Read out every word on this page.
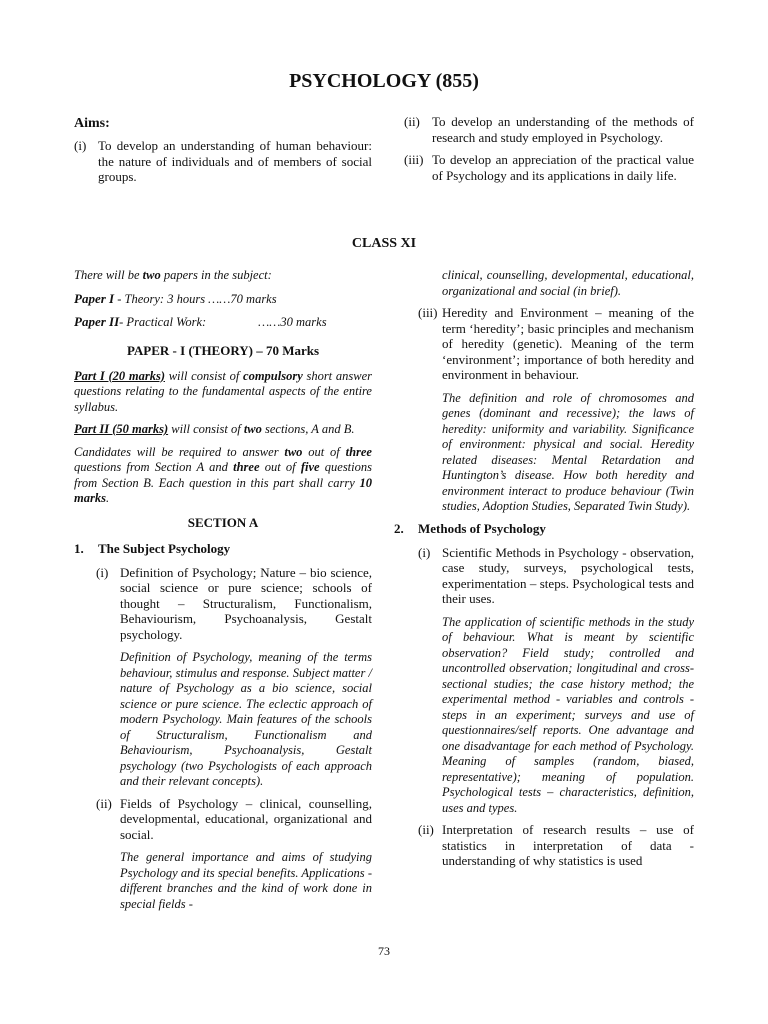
PSYCHOLOGY (855)
Aims:
(i) To develop an understanding of human behaviour: the nature of individuals and of members of social groups.
(ii) To develop an understanding of the methods of research and study employed in Psychology.
(iii) To develop an appreciation of the practical value of Psychology and its applications in daily life.
CLASS XI

There will be two papers in the subject:

Paper I - Theory: 3 hours ……70 marks

Paper II- Practical Work:	……30 marks

PAPER - I (THEORY) – 70 Marks

Part I (20 marks) will consist of compulsory short answer questions relating to the fundamental aspects of the entire syllabus.

Part II (50 marks) will consist of two sections, A and B.

Candidates will be required to answer two out of three questions from Section A and three out of five questions from Section B. Each question in this part shall carry 10 marks.

SECTION A
1.	The Subject Psychology
(i) Definition of Psychology; Nature – bio science, social science or pure science; schools of thought – Structuralism, Functionalism, Behaviourism, Psychoanalysis, Gestalt psychology.

Definition of Psychology, meaning of the terms behaviour, stimulus and response. Subject matter / nature of Psychology as a bio science, social science or pure science. The eclectic approach of modern Psychology. Main features of the schools of Structuralism, Functionalism and Behaviourism, Psychoanalysis, Gestalt psychology (two Psychologists of each approach and their relevant concepts).

(ii) Fields of Psychology – clinical, counselling, developmental, educational, organizational and social.

The general importance and aims of studying Psychology and its special benefits. Applications - different branches and the kind of work done in special fields -

clinical, counselling, developmental, educational, organizational and social (in brief).

(iii) Heredity and Environment – meaning of the term ‘heredity’; basic principles and mechanism of heredity (genetic). Meaning of the term ‘environment’; importance of both heredity and environment in behaviour.

The definition and role of chromosomes and genes (dominant and recessive); the laws of heredity: uniformity and variability. Significance of environment: physical and social. Heredity related diseases: Mental Retardation and Huntington’s disease. How both heredity and environment interact to produce behaviour (Twin studies, Adoption Studies, Separated Twin Study).

2.	Methods of Psychology
(i) Scientific Methods in Psychology - observation, case study, surveys, psychological tests, experimentation – steps. Psychological tests and their uses.

The application of scientific methods in the study of behaviour. What is meant by scientific observation? Field study; controlled and uncontrolled observation; longitudinal and cross-sectional studies; the case history method; the experimental method - variables and controls - steps in an experiment; surveys and use of questionnaires/self reports. One advantage and one disadvantage for each method of Psychology. Meaning of samples (random, biased, representative); meaning of population. Psychological tests – characteristics, definition, uses and types.

(ii) Interpretation of research results – use of statistics in interpretation of data - understanding of why statistics is used
73
